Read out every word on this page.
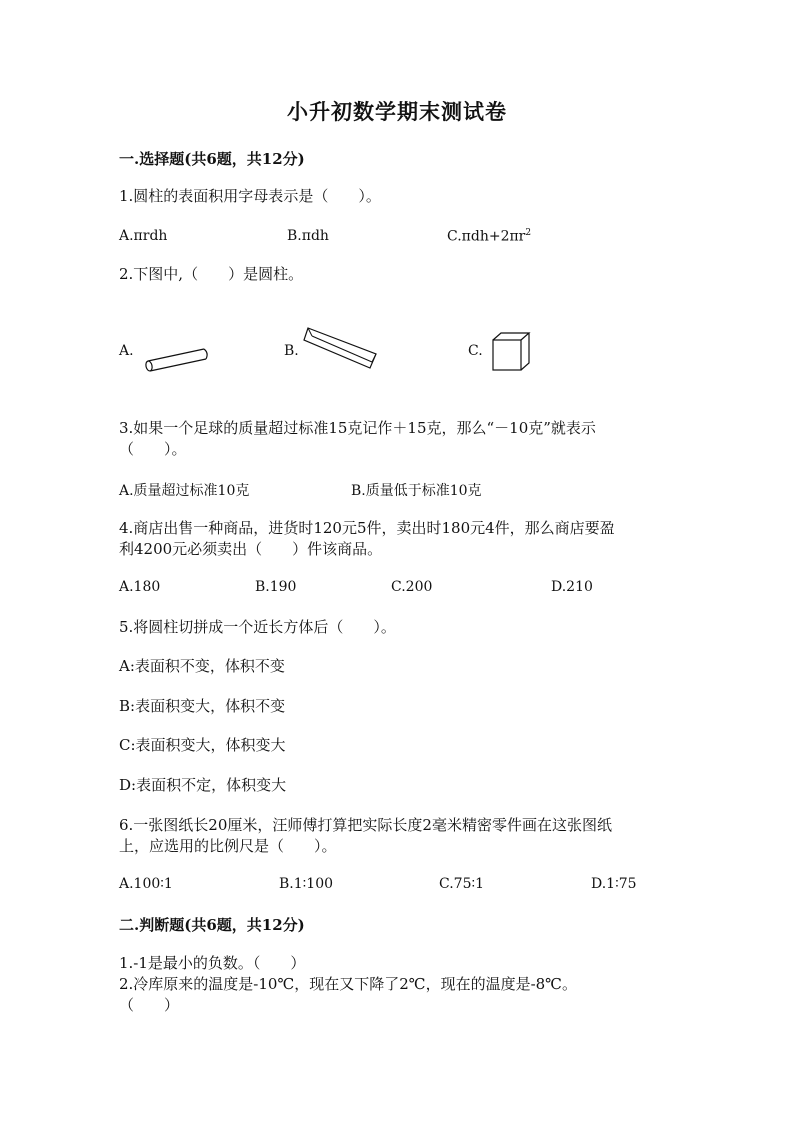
小升初数学期末测试卷
一.选择题(共6题，共12分)
1.圆柱的表面积用字母表示是（　　）。
A.πrdh	B.πdh	$C.\pi dh+2\pi r^2$
2.下图中,（　　）是圆柱。
A.	B.	C.
3.如果一个足球的质量超过标准15克记作＋15克，那么“－10克”就表示
（　　）。
A.质量超过标准10克	B.质量低于标准10克
4.商店出售一种商品，进货时120元5件，卖出时180元4件，那么商店要盈
利4200元必须卖出（　　）件该商品。
A.180	B.190	C.200	D.210
5.将圆柱切拼成一个近长方体后（　　）。
A:表面积不变，体积不变
B:表面积变大，体积不变
C:表面积变大，体积变大
D:表面积不定，体积变大
6.一张图纸长20厘米，汪师傅打算把实际长度2毫米精密零件画在这张图纸
上，应选用的比例尺是（　　）。
A.100∶1	B.1∶100	C.75∶1	D.1∶75
二.判断题(共6题，共12分)
1.-1是最小的负数。（　　）
2.冷库原来的温度是-10℃，现在又下降了2℃，现在的温度是-8℃。
（　　）
